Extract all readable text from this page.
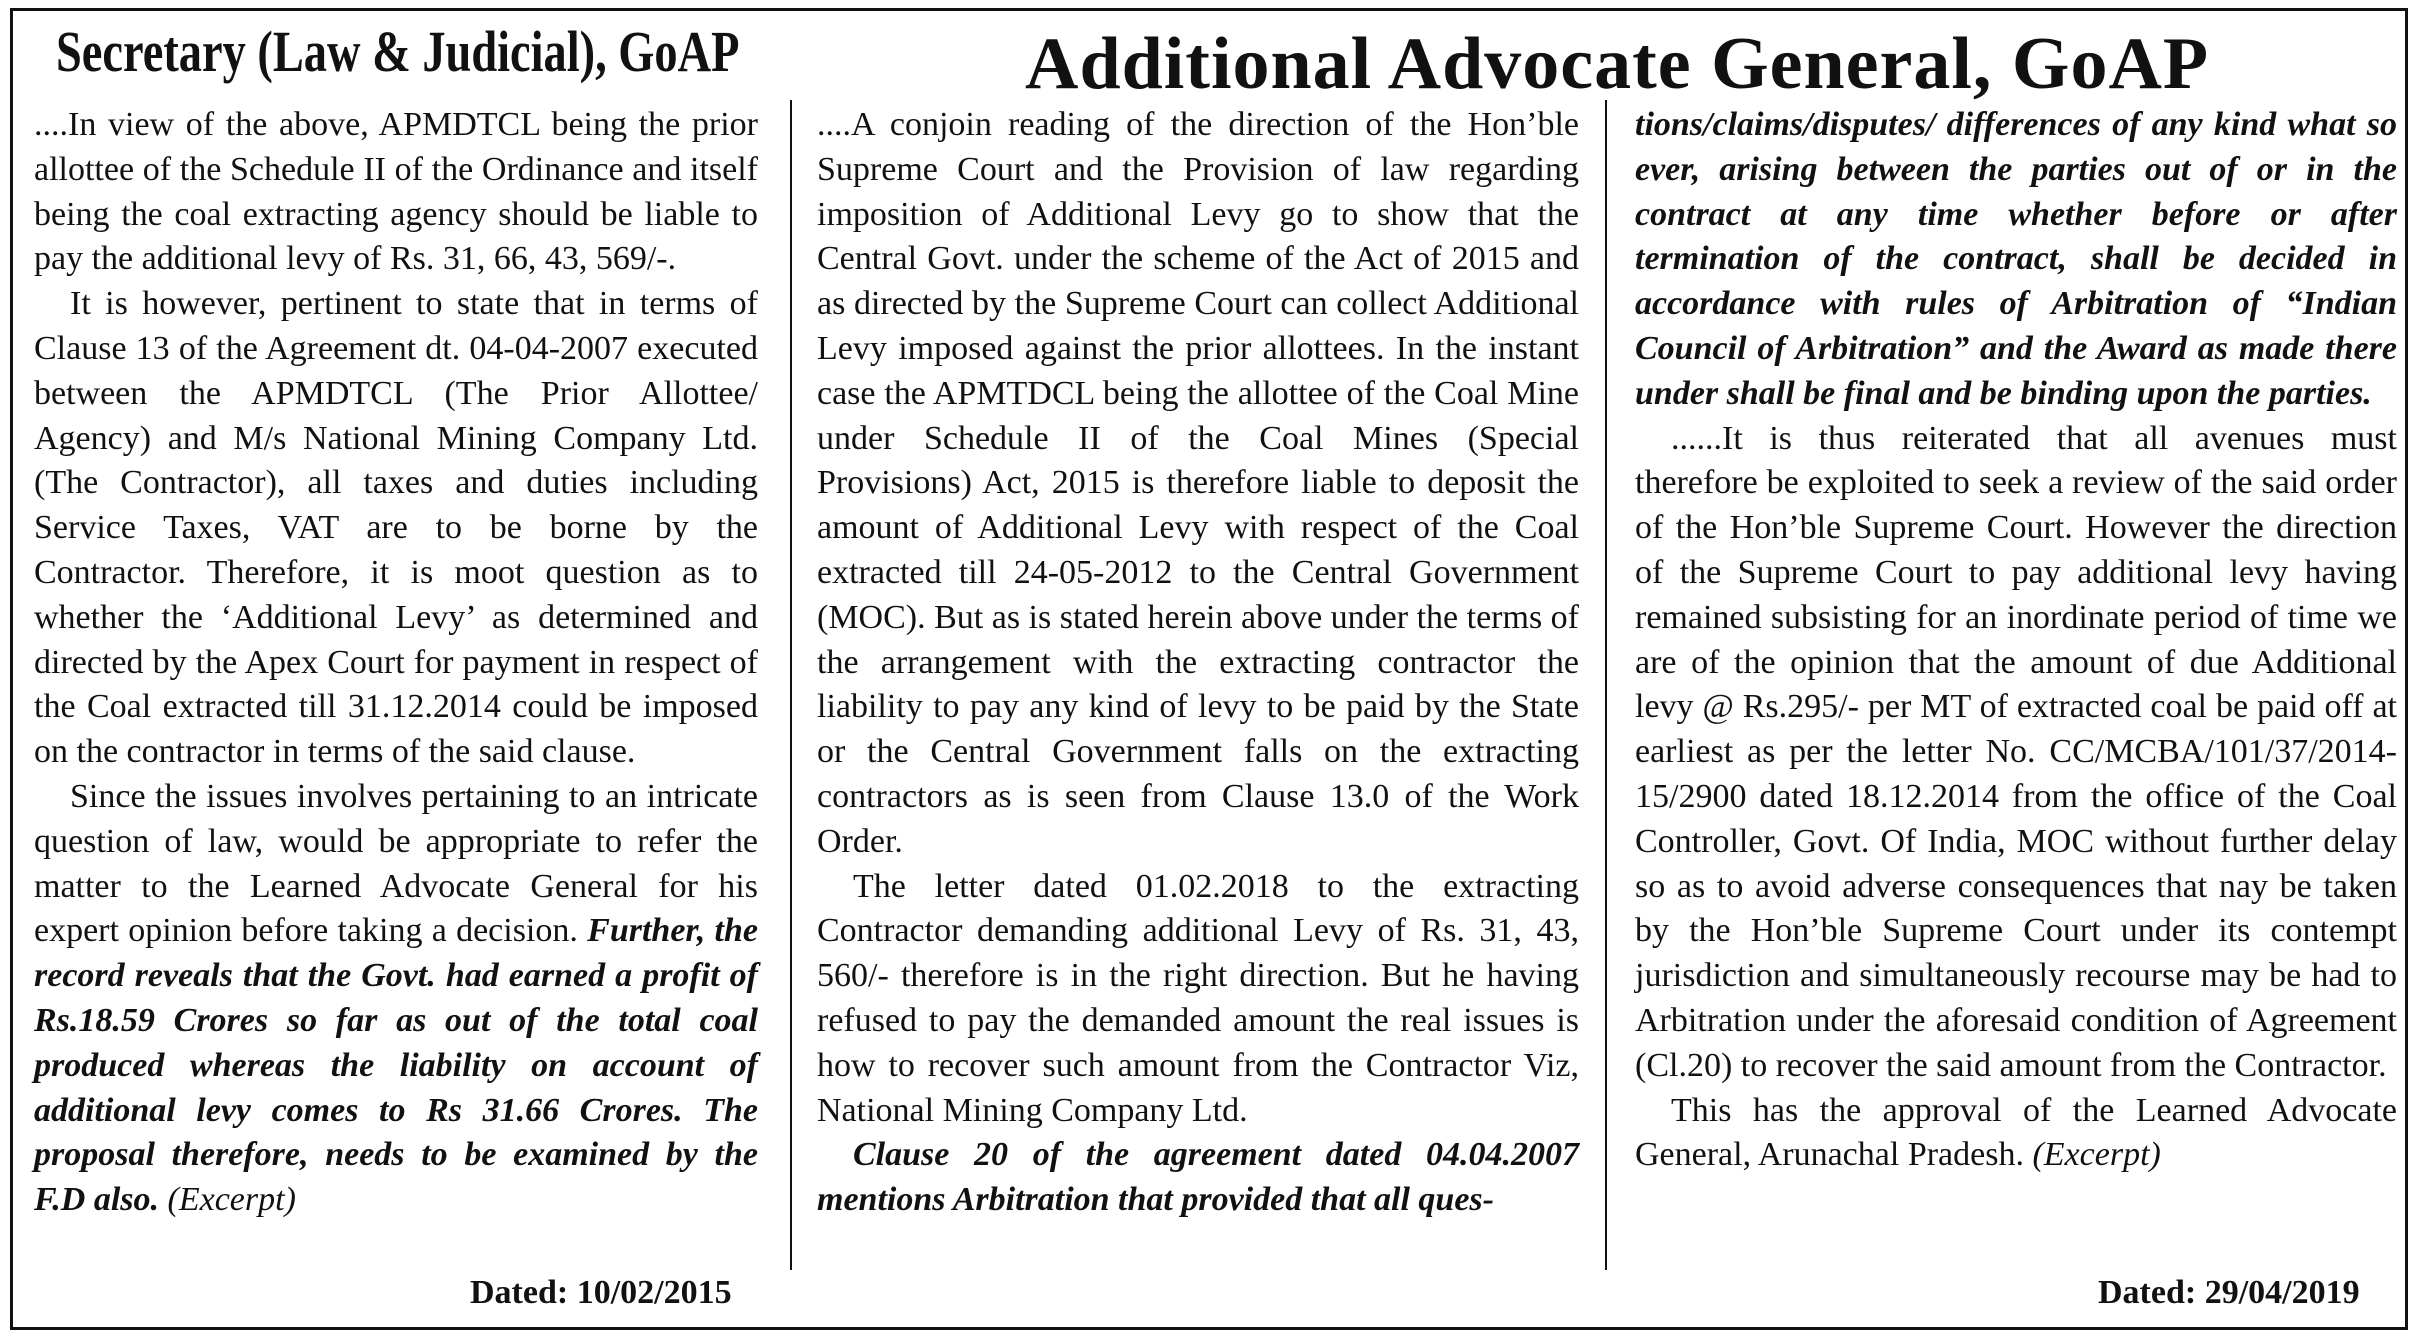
Secretary (Law & Judicial), GoAP	Additional Advocate General, GoAP

....In view of the above, APMDTCL being the prior allottee of the Schedule II of the Ordinance and itself being the coal extracting agency should be liable to pay the additional levy of Rs. 31, 66, 43, 569/-.

It is however, pertinent to state that in terms of Clause 13 of the Agreement dt. 04-04-2007 executed between the APMDTCL (The Prior Allottee/ Agency) and M/s National Mining Company Ltd. (The Contractor), all taxes and duties including Service Taxes, VAT are to be borne by the Contractor. Therefore, it is moot question as to whether the ‘Additional Levy’ as determined and directed by the Apex Court for payment in respect of the Coal extracted till 31.12.2014 could be imposed on the contractor in terms of the said clause.

Since the issues involves pertaining to an intricate question of law, would be appropriate to refer the matter to the Learned Advocate General for his expert opinion before taking a decision. Further, the record reveals that the Govt. had earned a profit of Rs.18.59 Crores so far as out of the total coal produced whereas the liability on account of additional levy comes to Rs 31.66 Crores. The proposal therefore, needs to be examined by the F.D also. (Excerpt)

Dated: 10/02/2015

....A conjoin reading of the direction of the Hon’ble Supreme Court and the Provision of law regarding imposition of Additional Levy go to show that the Central Govt. under the scheme of the Act of 2015 and as directed by the Supreme Court can collect Additional Levy imposed against the prior allottees. In the instant case the APMTDCL being the allottee of the Coal Mine under Schedule II of the Coal Mines (Special Provisions) Act, 2015 is therefore liable to deposit the amount of Additional Levy with respect of the Coal extracted till 24-05-2012 to the Central Government (MOC). But as is stated herein above under the terms of the arrangement with the extracting contractor the liability to pay any kind of levy to be paid by the State or the Central Government falls on the extracting contractors as is seen from Clause 13.0 of the Work Order.

The letter dated 01.02.2018 to the extracting Contractor demanding additional Levy of Rs. 31, 43, 560/- therefore is in the right direction. But he having refused to pay the demanded amount the real issues is how to recover such amount from the Contractor Viz, National Mining Company Ltd.

Clause 20 of the agreement dated 04.04.2007 mentions Arbitration that provided that all ques-

tions/claims/disputes/ differences of any kind what so ever, arising between the parties out of or in the contract at any time whether before or after termination of the contract, shall be decided in accordance with rules of Arbitration of “Indian Council of Arbitration” and the Award as made there under shall be final and be binding upon the parties.

......It is thus reiterated that all avenues must therefore be exploited to seek a review of the said order of the Hon’ble Supreme Court. However the direction of the Supreme Court to pay additional levy having remained subsisting for an inordinate period of time we are of the opinion that the amount of due Additional levy @ Rs.295/- per MT of extracted coal be paid off at earliest as per the letter No. CC/MCBA/101/37/2014-15/2900 dated 18.12.2014 from the office of the Coal Controller, Govt. Of India, MOC without further delay so as to avoid adverse consequences that nay be taken by the Hon’ble Supreme Court under its contempt jurisdiction and simultaneously recourse may be had to Arbitration under the aforesaid condition of Agreement (Cl.20) to recover the said amount from the Contractor.

This has the approval of the Learned Advocate General, Arunachal Pradesh. (Excerpt)

Dated: 29/04/2019
